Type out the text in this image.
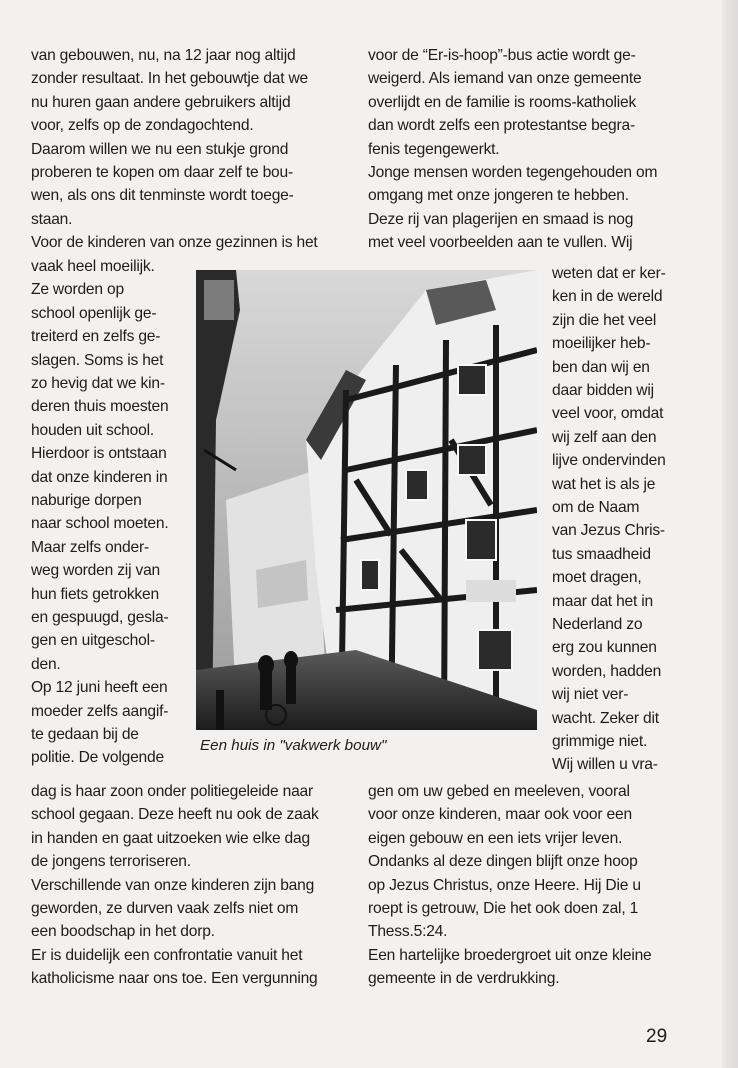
van gebouwen, nu, na 12 jaar nog altijd
zonder resultaat. In het gebouwtje dat we
nu huren gaan andere gebruikers altijd
voor, zelfs op de zondagochtend.
Daarom willen we nu een stukje grond
proberen te kopen om daar zelf te bou-
wen, als ons dit tenminste wordt toege-
staan.
Voor de kinderen van onze gezinnen is het
vaak heel moeilijk.
Ze worden op
school openlijk ge-
treiterd en zelfs ge-
slagen. Soms is het
zo hevig dat we kin-
deren thuis moesten
houden uit school.
Hierdoor is ontstaan
dat onze kinderen in
naburige dorpen
naar school moeten.
Maar zelfs onder-
weg worden zij van
hun fiets getrokken
en gespuugd, gesla-
gen en uitgeschol-
den.
Op 12 juni heeft een
moeder zelfs aangif-
te gedaan bij de
politie. De volgende
dag is haar zoon onder politiegeleide naar
school gegaan. Deze heeft nu ook de zaak
in handen en gaat uitzoeken wie elke dag
de jongens terroriseren.
Verschillende van onze kinderen zijn bang
geworden, ze durven vaak zelfs niet om
een boodschap in het dorp.
Er is duidelijk een confrontatie vanuit het
katholicisme naar ons toe. Een vergunning
voor de “Er-is-hoop”-bus actie wordt ge-
weigerd. Als iemand van onze gemeente
overlijdt en de familie is rooms-katholiek
dan wordt zelfs een protestantse begra-
fenis tegengewerkt.
Jonge mensen worden tegengehouden om
omgang met onze jongeren te hebben.
Deze rij van plagerijen en smaad is nog
met veel voorbeelden aan te vullen. Wij
weten dat er ker-
ken in de wereld
zijn die het veel
moeilijker heb-
ben dan wij en
daar bidden wij
veel voor, omdat
wij zelf aan den
lijve ondervinden
wat het is als je
om de Naam
van Jezus Chris-
tus smaadheid
moet dragen,
maar dat het in
Nederland zo
erg zou kunnen
worden, hadden
wij niet ver-
wacht. Zeker dit
grimmige niet.
Wij willen u vra-
gen om uw gebed en meeleven, vooral
voor onze kinderen, maar ook voor een
eigen gebouw en een iets vrijer leven.
Ondanks al deze dingen blijft onze hoop
op Jezus Christus, onze Heere. Hij Die u
roept is getrouw, Die het ook doen zal, 1
Thess.5:24.
Een hartelijke broedergroet uit onze kleine
gemeente in de verdrukking.
Een huis in "vakwerk bouw"
29
